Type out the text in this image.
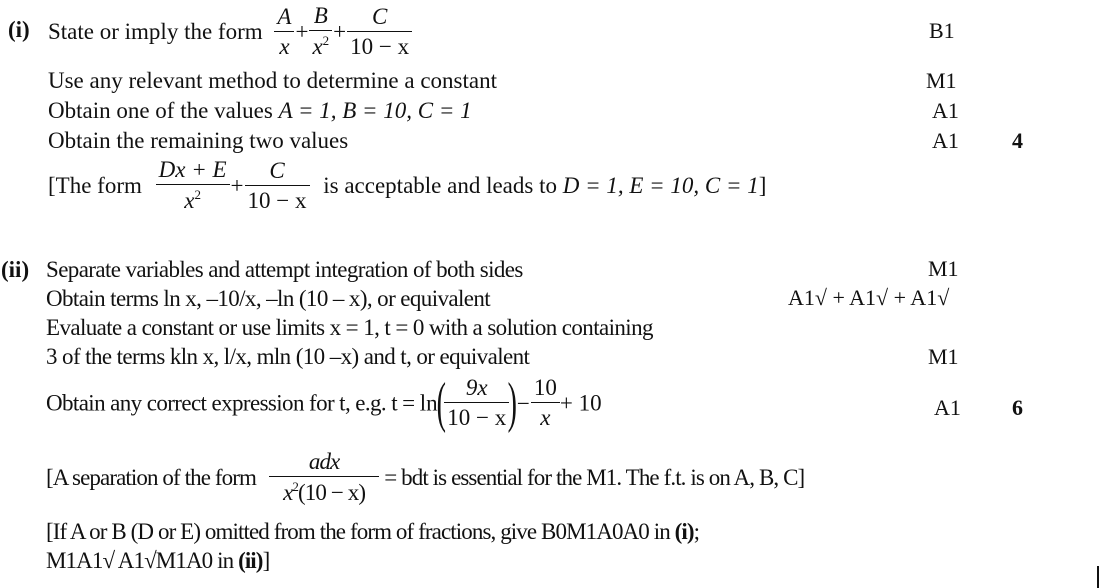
(i) State or imply the form $\frac{A}{x} + \frac{B}{x^2} + \frac{C}{10 - x}$	B1
Use any relevant method to determine a constant	M1
Obtain one of the values A = 1, B = 10, C = 1	A1
Obtain the remaining two values	A1 4
[The form $\frac{Dx + E}{x^2} + \frac{C}{10 - x}$ is acceptable and leads to D = 1, E = 10, C = 1]
(ii) Separate variables and attempt integration of both sides	M1
Obtain terms ln x, –10/x, –ln (10 – x), or equivalent	A1√ + A1√ + A1√
Evaluate a constant or use limits x = 1, t = 0 with a solution containing
3 of the terms kln x, l/x, mln (10 –x) and t, or equivalent	M1
Obtain any correct expression for t, e.g. t = ln(
$\frac{9x}{10 - x}$
)− $\frac{10}{x} + 10$	A1 6
[A separation of the form $\frac{\text{adx}}{x^2(10 - x)}$ = bdt is essential for the M1. The f.t. is on A, B, C]
[If A or B (D or E) omitted from the form of fractions, give B0M1A0A0 in (i);
M1A1√ A1√M1A0 in (ii)]
